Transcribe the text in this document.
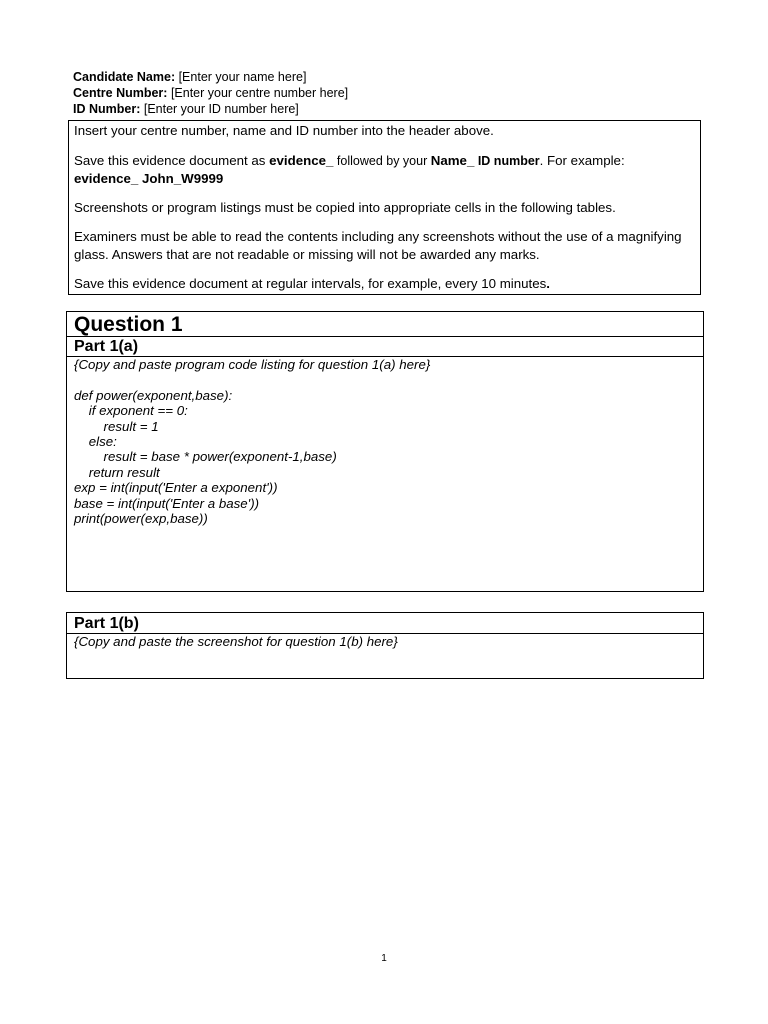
Candidate Name: [Enter your name here]
Centre Number: [Enter your centre number here]
ID Number: [Enter your ID number here]

Insert your centre number, name and ID number into the header above.

Save this evidence document as evidence_ followed by your Name_ ID number. For example:
evidence_ John_W9999

Screenshots or program listings must be copied into appropriate cells in the following tables.

Examiners must be able to read the contents including any screenshots without the use of a magnifying glass. Answers that are not readable or missing will not be awarded any marks.

Save this evidence document at regular intervals, for example, every 10 minutes.

Question 1
Part 1(a)
{Copy and paste program code listing for question 1(a) here}
def power(exponent,base):
if exponent == 0:
result = 1
else:
result = base * power(exponent-1,base)
return result
exp = int(input('Enter a exponent'))
base = int(input('Enter a base'))
print(power(exp,base))
Part 1(b)
{Copy and paste the screenshot for question 1(b) here}
1
